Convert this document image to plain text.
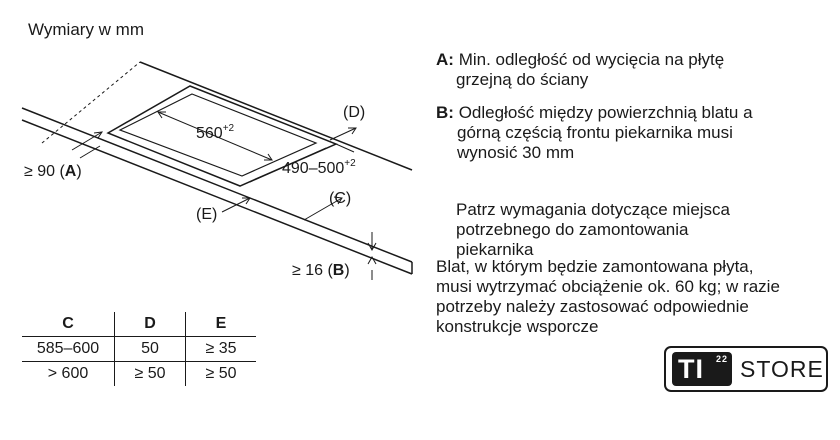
Wymiary w mm
$560^{+2}$
$490-500^{+2}$
(D)
(C)
(E)
≥ 90 (A)
≥ 16 (B)
A: Min. odległość od wycięcia na płytę
grzejną do ściany
B: Odległość między powierzchnią blatu a
górną częścią frontu piekarnika musi
wynosić 30 mm
Patrz wymagania dotyczące miejsca
potrzebnego do zamontowania
piekarnika
Blat, w którym będzie zamontowana płyta,
musi wytrzymać obciążenie ok. 60 kg; w razie
potrzeby należy zastosować odpowiednie
konstrukcje wsporcze
C	D	E
585–600	50	≥ 35
> 600	≥ 50	≥ 50	TI 22 STORE
